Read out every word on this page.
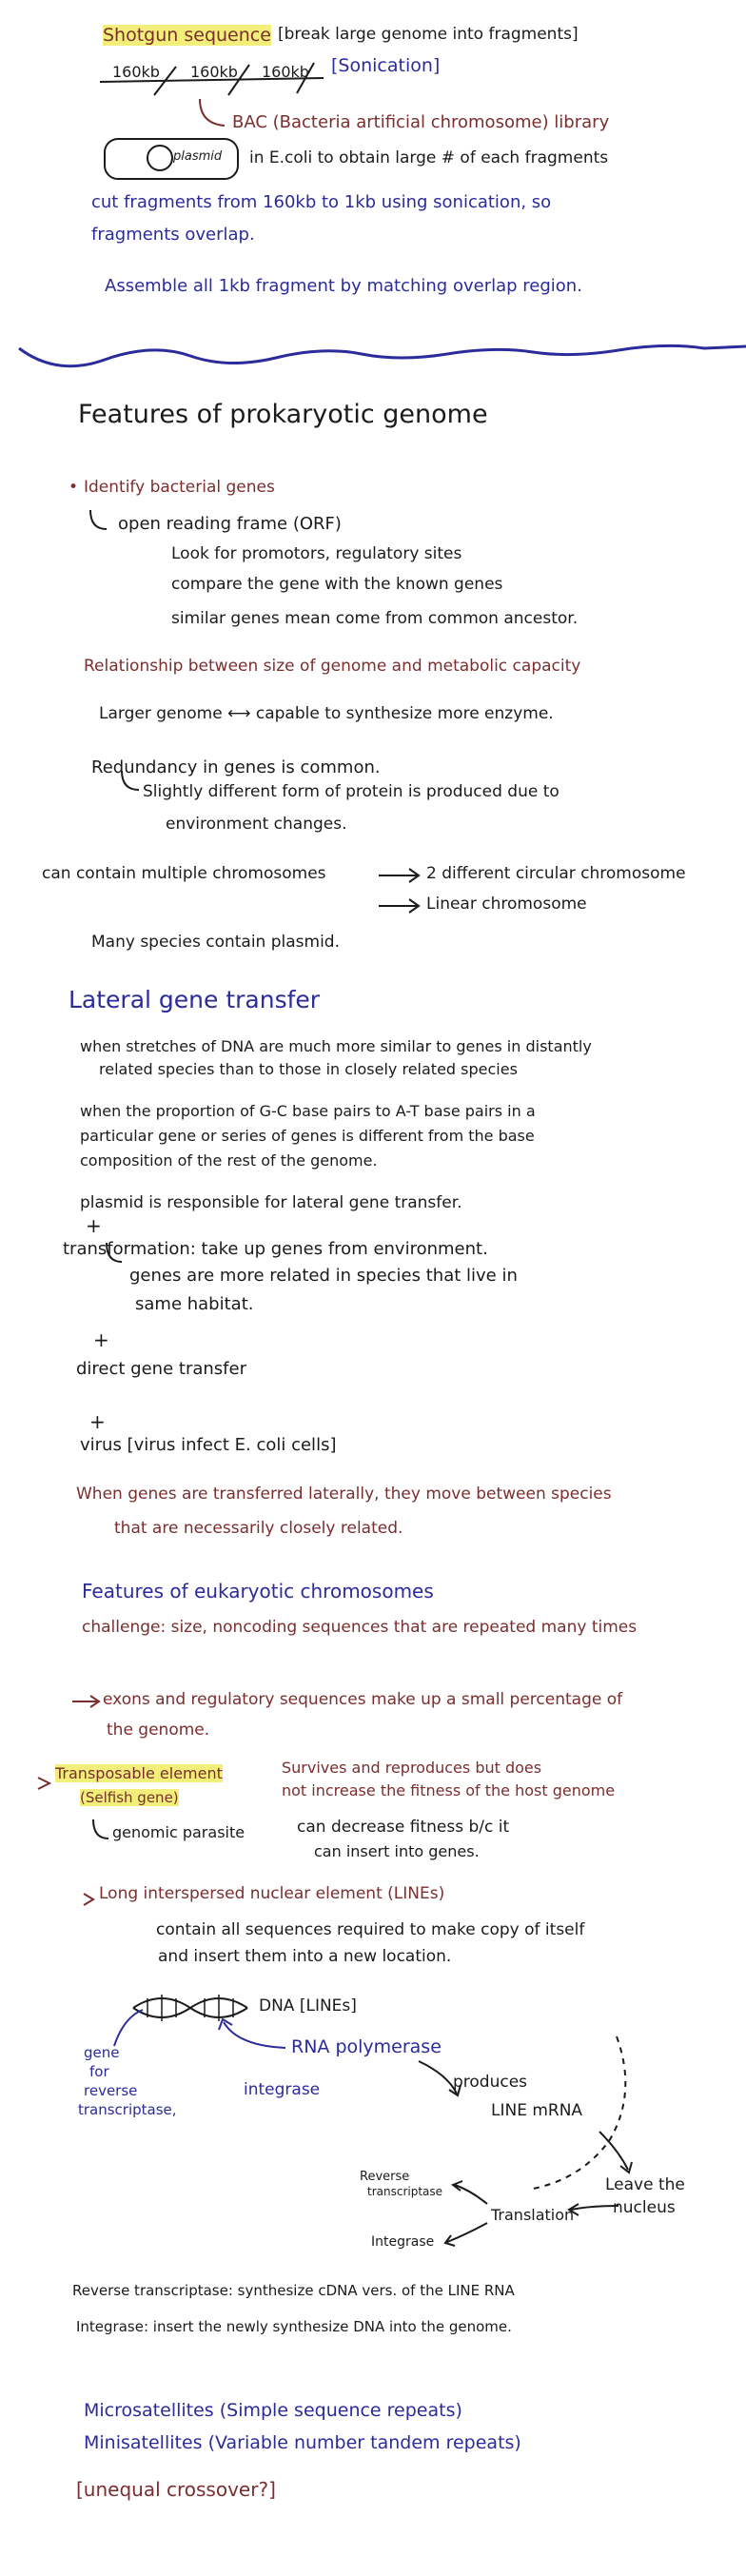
Shotgun sequence [break large genome into fragments]
160kb 160kb 160kb [Sonication]
BAC (Bacteria artificial chromosome) library
plasmid in E.coli to obtain large # of each fragments
cut fragments from 160kb to 1kb using sonication, so
fragments overlap.
Assemble all 1kb fragment by matching overlap region.
Features of prokaryotic genome
• Identify bacterial genes
open reading frame (ORF)
Look for promotors, regulatory sites
compare the gene with the known genes
similar genes mean come from common ancestor.
Relationship between size of genome and metabolic capacity
Larger genome ⟷ capable to synthesize more enzyme.
Redundancy in genes is common.
Slightly different form of protein is produced due to
environment changes.
can contain multiple chromosomes	2 different circular chromosome
Linear chromosome
Many species contain plasmid.
Lateral gene transfer
when stretches of DNA are much more similar to genes in distantly
related species than to those in closely related species
when the proportion of G-C base pairs to A-T base pairs in a
particular gene or series of genes is different from the base
composition of the rest of the genome.
plasmid is responsible for lateral gene transfer.
+
transformation: take up genes from environment.
genes are more related in species that live in
same habitat.
+
direct gene transfer
+
virus [virus infect E. coli cells]
When genes are transferred laterally, they move between species
that are necessarily closely related.
Features of eukaryotic chromosomes
challenge: size, noncoding sequences that are repeated many times
exons and regulatory sequences make up a small percentage of
the genome.
Transposable element
(Selfish gene)
Survives and reproduces but does
not increase the fitness of the host genome
genomic parasite	can decrease fitness b/c it
can insert into genes.
Long interspersed nuclear element (LINEs)
contain all sequences required to make copy of itself
and insert them into a new location.
DNA [LINEs]
RNA polymerase
gene
for
reverse
transcriptase,
integrase	produces
LINE mRNA
Leave the
nucleus
Reverse
transcriptase
Translation
Integrase
Reverse transcriptase: synthesize cDNA vers. of the LINE RNA
Integrase: insert the newly synthesize DNA into the genome.
Microsatellites (Simple sequence repeats)
Minisatellites (Variable number tandem repeats)
[unequal crossover?]
